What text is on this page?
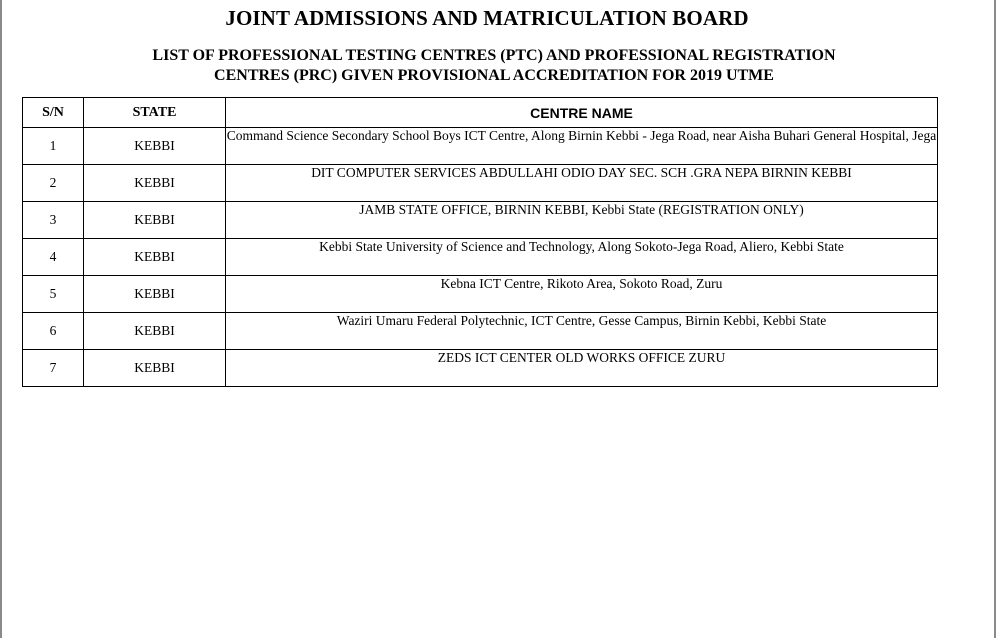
JOINT ADMISSIONS AND MATRICULATION BOARD
LIST OF PROFESSIONAL TESTING CENTRES (PTC) AND PROFESSIONAL REGISTRATION
CENTRES (PRC) GIVEN PROVISIONAL ACCREDITATION FOR 2019 UTME
S/N	STATE	CENTRE NAME
1	KEBBI	Command Science Secondary School Boys ICT Centre, Along Birnin Kebbi - Jega Road, near Aisha Buhari General Hospital, Jega
2	KEBBI	DIT COMPUTER SERVICES ABDULLAHI ODIO DAY SEC. SCH .GRA NEPA BIRNIN KEBBI
3	KEBBI	JAMB STATE OFFICE, BIRNIN KEBBI, Kebbi State (REGISTRATION ONLY)
4	KEBBI	Kebbi State University of Science and Technology, Along Sokoto-Jega Road, Aliero, Kebbi State
5	KEBBI	Kebna ICT Centre, Rikoto Area, Sokoto Road, Zuru
6	KEBBI	Waziri Umaru Federal Polytechnic, ICT Centre, Gesse Campus, Birnin Kebbi, Kebbi State
7	KEBBI	ZEDS ICT CENTER OLD WORKS OFFICE ZURU
